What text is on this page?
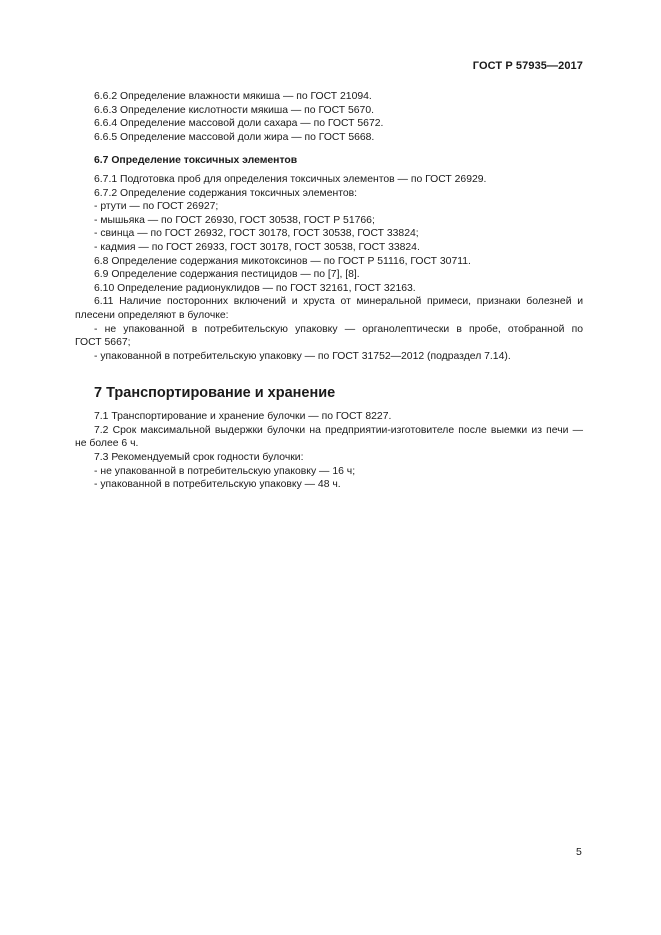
ГОСТ Р 57935—2017
6.6.2 Определение влажности мякиша — по ГОСТ 21094.
6.6.3 Определение кислотности мякиша — по ГОСТ 5670.
6.6.4 Определение массовой доли сахара — по ГОСТ 5672.
6.6.5 Определение массовой доли жира — по ГОСТ 5668.
6.7 Определение токсичных элементов
6.7.1 Подготовка проб для определения токсичных элементов — по ГОСТ 26929.
6.7.2 Определение содержания токсичных элементов:
- ртути — по ГОСТ 26927;
- мышьяка — по ГОСТ 26930, ГОСТ 30538, ГОСТ Р 51766;
- свинца — по ГОСТ 26932, ГОСТ 30178, ГОСТ 30538, ГОСТ 33824;
- кадмия — по ГОСТ 26933, ГОСТ 30178, ГОСТ 30538, ГОСТ 33824.
6.8 Определение содержания микотоксинов — по ГОСТ Р 51116, ГОСТ 30711.
6.9 Определение содержания пестицидов — по [7], [8].
6.10 Определение радионуклидов — по ГОСТ 32161, ГОСТ 32163.
6.11 Наличие посторонних включений и хруста от минеральной примеси, признаки болезней и
плесени определяют в булочке:
- не упакованной в потребительскую упаковку — органолептически в пробе, отобранной по
ГОСТ 5667;
- упакованной в потребительскую упаковку — по ГОСТ 31752—2012 (подраздел 7.14).
7 Транспортирование и хранение
7.1 Транспортирование и хранение булочки — по ГОСТ 8227.
7.2 Срок максимальной выдержки булочки на предприятии-изготовителе после выемки из печи —
не более 6 ч.
7.3 Рекомендуемый срок годности булочки:
- не упакованной в потребительскую упаковку — 16 ч;
- упакованной в потребительскую упаковку — 48 ч.
5
